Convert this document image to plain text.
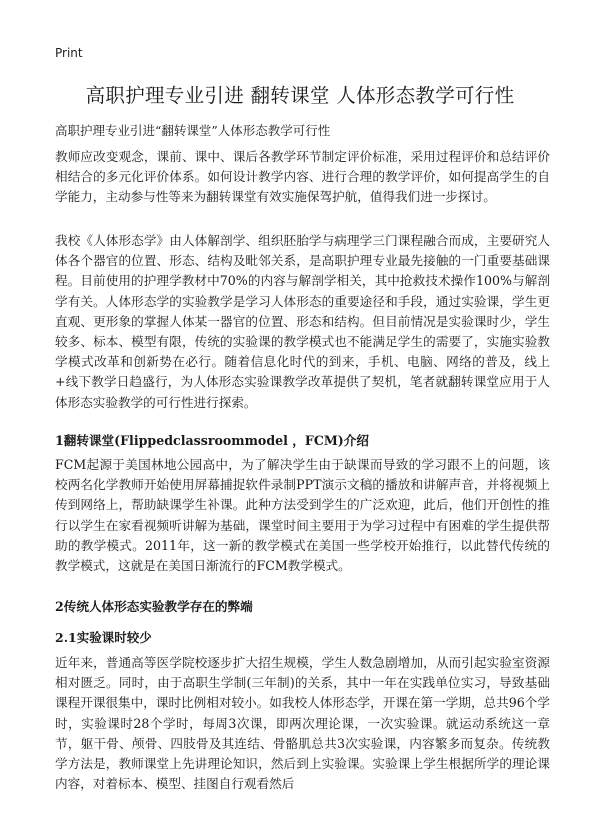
Print
高职护理专业引进 翻转课堂 人体形态教学可行性
高职护理专业引进“翻转课堂”人体形态教学可行性

教师应改变观念，课前、课中、课后各教学环节制定评价标准，采用过程评价和总结评价相结合的多元化评价体系。如何设计教学内容、进行合理的教学评价，如何提高学生的自学能力，主动参与性等来为翻转课堂有效实施保驾护航，值得我们进一步探讨。

我校《人体形态学》由人体解剖学、组织胚胎学与病理学三门课程融合而成，主要研究人体各个器官的位置、形态、结构及毗邻关系，是高职护理专业最先接触的一门重要基础课程。目前使用的护理学教材中70%的内容与解剖学相关，其中抢救技术操作100%与解剖学有关。人体形态学的实验教学是学习人体形态的重要途径和手段，通过实验课，学生更直观、更形象的掌握人体某一器官的位置、形态和结构。但目前情况是实验课时少，学生较多、标本、模型有限，传统的实验课的教学模式也不能满足学生的需要了，实施实验教学模式改革和创新势在必行。随着信息化时代的到来，手机、电脑、网络的普及，线上+线下教学日趋盛行，为人体形态实验课教学改革提供了契机，笔者就翻转课堂应用于人体形态实验教学的可行性进行探索。

1翻转课堂(Flippedclassroommodel ，FCM)介绍

FCM起源于美国林地公园高中，为了解决学生由于缺课而导致的学习跟不上的问题，该校两名化学教师开始使用屏幕捕捉软件录制PPT演示文稿的播放和讲解声音，并将视频上传到网络上，帮助缺课学生补课。此种方法受到学生的广泛欢迎，此后，他们开创性的推行以学生在家看视频听讲解为基础，课堂时间主要用于为学习过程中有困难的学生提供帮助的教学模式。2011年，这一新的教学模式在美国一些学校开始推行，以此替代传统的教学模式，这就是在美国日渐流行的FCM教学模式。

2传统人体形态实验教学存在的弊端
2.1实验课时较少

近年来，普通高等医学院校逐步扩大招生规模，学生人数急剧增加，从而引起实验室资源相对匮乏。同时，由于高职生学制(三年制)的关系，其中一年在实践单位实习，导致基础课程开课很集中，课时比例相对较小。如我校人体形态学，开课在第一学期，总共96个学时，实验课时28个学时，每周3次课，即两次理论课，一次实验课。就运动系统这一章节，躯干骨、颅骨、四肢骨及其连结、骨骼肌总共3次实验课，内容繁多而复杂。传统教学方法是，教师课堂上先讲理论知识，然后到上实验课。实验课上学生根据所学的理论课内容，对着标本、模型、挂图自行观看然后
